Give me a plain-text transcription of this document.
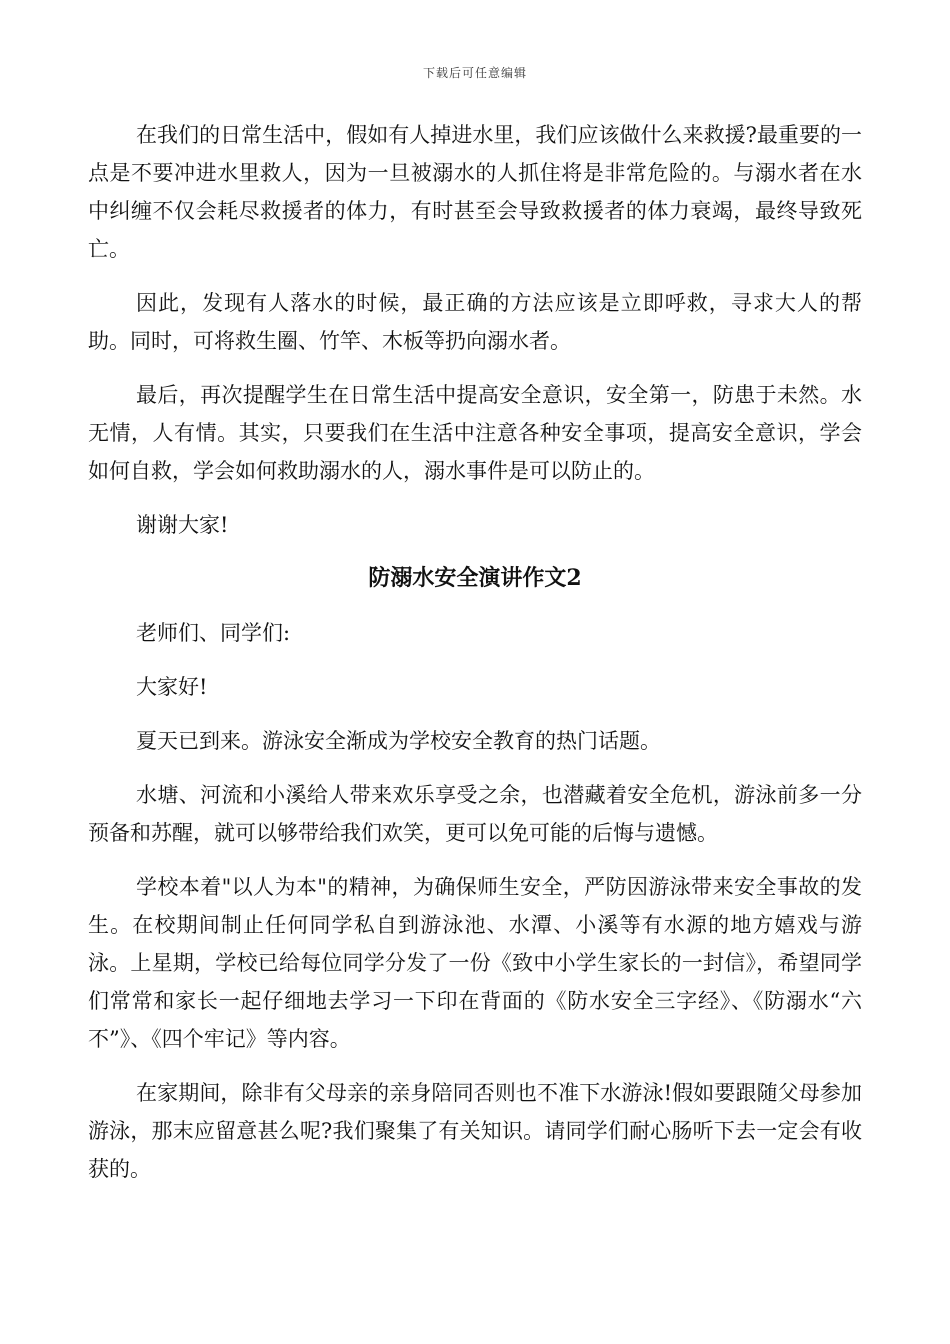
下载后可任意编辑

在我们的日常生活中，假如有人掉进水里，我们应该做什么来救援?最重要的一点是不要冲进水里救人，因为一旦被溺水的人抓住将是非常危险的。与溺水者在水中纠缠不仅会耗尽救援者的体力，有时甚至会导致救援者的体力衰竭，最终导致死亡。

因此，发现有人落水的时候，最正确的方法应该是立即呼救，寻求大人的帮助。同时，可将救生圈、竹竿、木板等扔向溺水者。

最后，再次提醒学生在日常生活中提高安全意识，安全第一，防患于未然。水无情，人有情。其实，只要我们在生活中注意各种安全事项，提高安全意识，学会如何自救，学会如何救助溺水的人，溺水事件是可以防止的。

谢谢大家!

防溺水安全演讲作文2

老师们、同学们:

大家好!

夏天已到来。游泳安全渐成为学校安全教育的热门话题。

水塘、河流和小溪给人带来欢乐享受之余，也潜藏着安全危机，游泳前多一分预备和苏醒，就可以够带给我们欢笑，更可以免可能的后悔与遗憾。

学校本着"以人为本"的精神，为确保师生安全，严防因游泳带来安全事故的发生。在校期间制止任何同学私自到游泳池、水潭、小溪等有水源的地方嬉戏与游泳。上星期，学校已给每位同学分发了一份《致中小学生家长的一封信》，希望同学们常常和家长一起仔细地去学习一下印在背面的《防水安全三字经》、《防溺水“六不”》、《四个牢记》等内容。

在家期间，除非有父母亲的亲身陪同否则也不准下水游泳!假如要跟随父母参加游泳，那末应留意甚么呢?我们聚集了有关知识。请同学们耐心肠听下去一定会有收获的。
